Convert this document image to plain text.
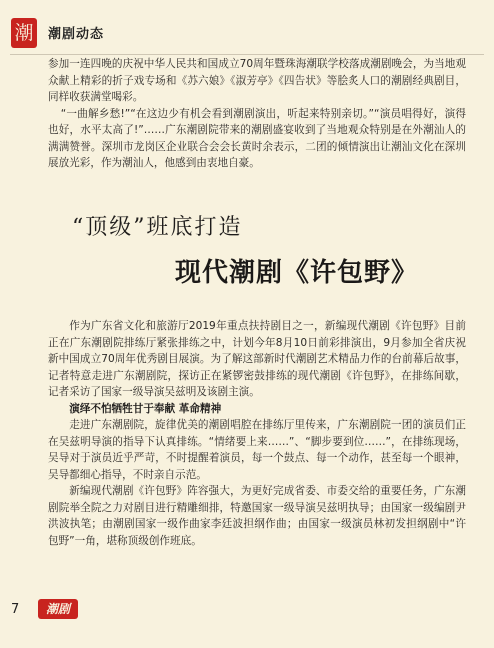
潮 潮剧动态

参加一连四晚的庆祝中华人民共和国成立70周年暨珠海潮联学校落成潮剧晚会，为当地观众献上精彩的折子戏专场和《苏六娘》《淑芳亭》《四告状》等脍炙人口的潮剧经典剧目，同样收获满堂喝彩。

“一曲解乡愁!”“在这边少有机会看到潮剧演出，听起来特别亲切。”“演员唱得好，演得也好，水平太高了!”……广东潮剧院带来的潮剧盛宴收到了当地观众特别是在外潮汕人的满满赞誉。深圳市龙岗区企业联合会会长黄时余表示，二团的倾情演出让潮汕文化在深圳展放光彩，作为潮汕人，他感到由衷地自豪。

“顶级”班底打造
现代潮剧《许包野》

作为广东省文化和旅游厅2019年重点扶持剧目之一，新编现代潮剧《许包野》目前正在广东潮剧院排练厅紧张排练之中，计划今年8月10日前彩排演出，9月参加全省庆祝新中国成立70周年优秀剧目展演。为了解这部新时代潮剧艺术精品力作的台前幕后故事，记者特意走进广东潮剧院，探访正在紧锣密鼓排练的现代潮剧《许包野》，在排练间歇，记者采访了国家一级导演吴兹明及该剧主演。

演绎不怕牺牲甘于奉献 革命精神

走进广东潮剧院，旋律优美的潮剧唱腔在排练厅里传来，广东潮剧院一团的演员们正在吴兹明导演的指导下认真排练。“情绪要上来……”、“脚步要到位……”，在排练现场，吴导对于演员近乎严苛，不时提醒着演员，每一个鼓点、每一个动作，甚至每一个眼神，吴导都细心指导，不时亲自示范。

新编现代潮剧《许包野》阵容强大，为更好完成省委、市委交给的重要任务，广东潮剧院举全院之力对剧目进行精雕细排，特邀国家一级导演吴兹明执导；由国家一级编剧尹洪波执笔；由潮剧国家一级作曲家李廷波担纲作曲；由国家一级演员林初发担纲剧中“许包野”一角，堪称顶级创作班底。

7	潮剧
